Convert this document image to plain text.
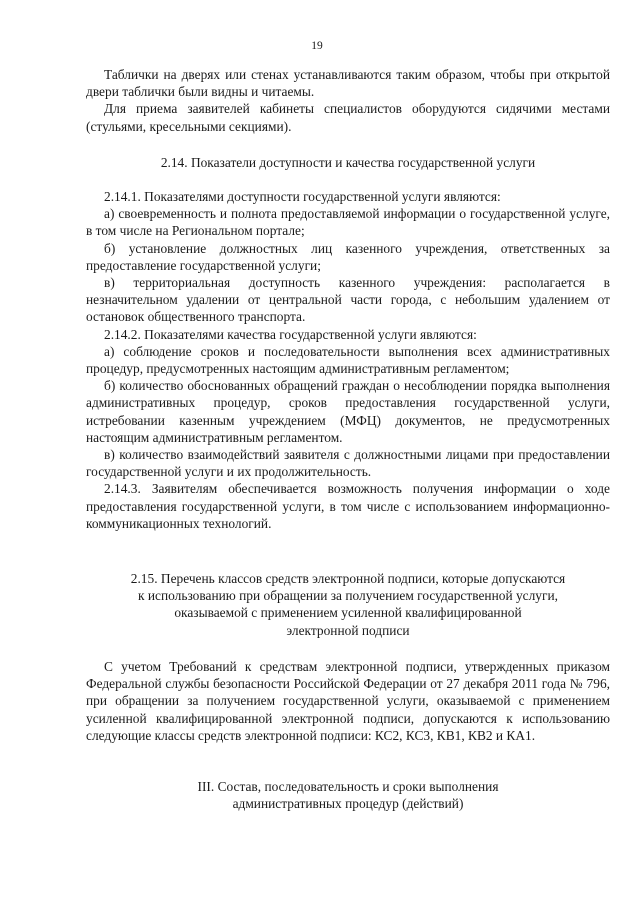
19

Таблички на дверях или стенах устанавливаются таким образом, чтобы при открытой двери таблички были видны и читаемы.

Для приема заявителей кабинеты специалистов оборудуются сидячими местами (стульями, кресельными секциями).

2.14. Показатели доступности и качества государственной услуги

2.14.1. Показателями доступности государственной услуги являются:

а) своевременность и полнота предоставляемой информации о государственной услуге, в том числе на Региональном портале;

б) установление должностных лиц казенного учреждения, ответственных за предоставление государственной услуги;

в) территориальная доступность казенного учреждения: располагается в незначительном удалении от центральной части города, с небольшим удалением от остановок общественного транспорта.

2.14.2. Показателями качества государственной услуги являются:

а) соблюдение сроков и последовательности выполнения всех административных процедур, предусмотренных настоящим административным регламентом;

б) количество обоснованных обращений граждан о несоблюдении порядка выполнения административных процедур, сроков предоставления государственной услуги, истребовании казенным учреждением (МФЦ) документов, не предусмотренных настоящим административным регламентом.

в) количество взаимодействий заявителя с должностными лицами при предоставлении государственной услуги и их продолжительность.

2.14.3. Заявителям обеспечивается возможность получения информации о ходе предоставления государственной услуги, в том числе с использованием информационно-коммуникационных технологий.

2.15. Перечень классов средств электронной подписи, которые допускаются
к использованию при обращении за получением государственной услуги,
оказываемой с применением усиленной квалифицированной
электронной подписи

С учетом Требований к средствам электронной подписи, утвержденных приказом Федеральной службы безопасности Российской Федерации от 27 декабря 2011 года № 796, при обращении за получением государственной услуги, оказываемой с применением усиленной квалифицированной электронной подписи, допускаются к использованию следующие классы средств электронной подписи: КС2, КС3, КВ1, КВ2 и КА1.

III. Состав, последовательность и сроки выполнения
административных процедур (действий)
